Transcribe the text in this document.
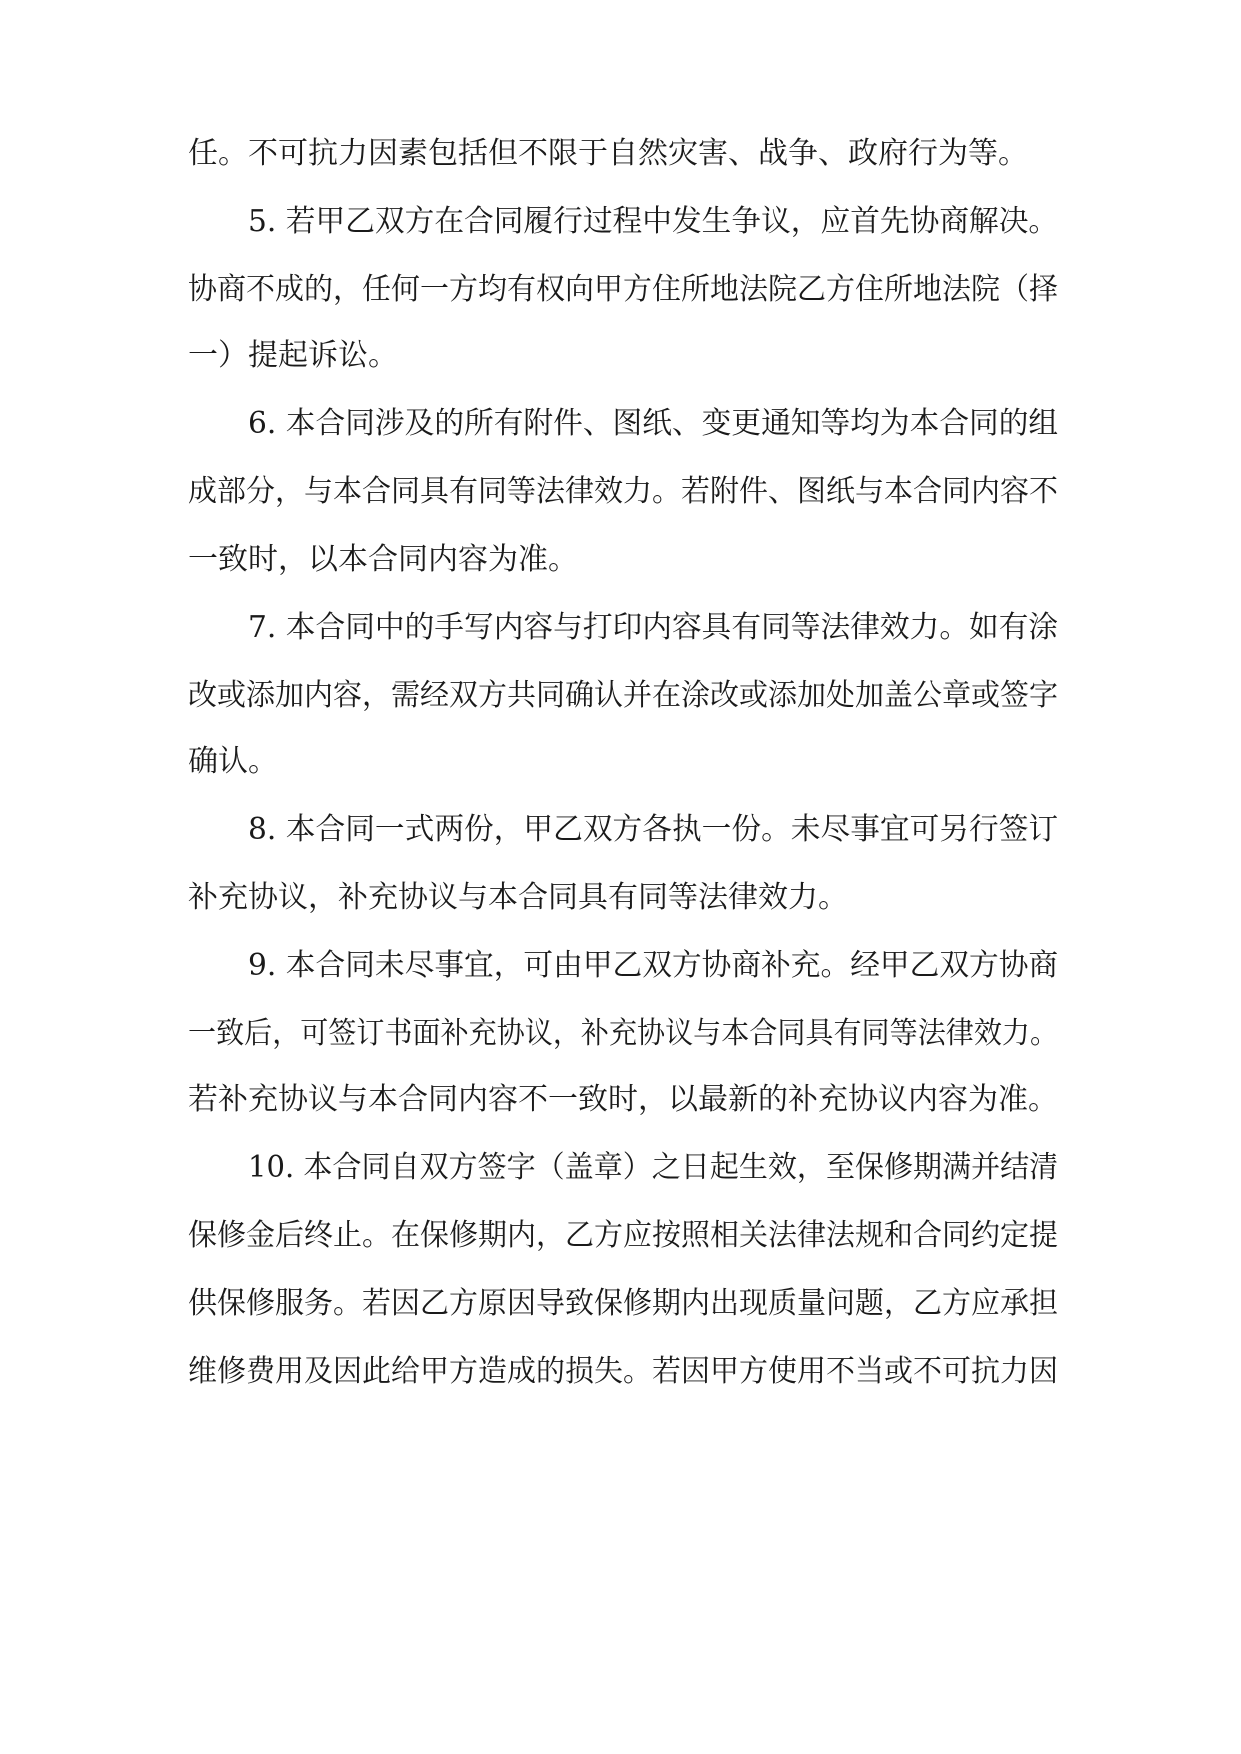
任。不可抗力因素包括但不限于自然灾害、战争、政府行为等。
5. 若甲乙双方在合同履行过程中发生争议，应首先协商解决。
协商不成的，任何一方均有权向甲方住所地法院乙方住所地法院（择
一）提起诉讼。
6. 本合同涉及的所有附件、图纸、变更通知等均为本合同的组
成部分，与本合同具有同等法律效力。若附件、图纸与本合同内容不
一致时，以本合同内容为准。
7. 本合同中的手写内容与打印内容具有同等法律效力。如有涂
改或添加内容，需经双方共同确认并在涂改或添加处加盖公章或签字
确认。
8. 本合同一式两份，甲乙双方各执一份。未尽事宜可另行签订
补充协议，补充协议与本合同具有同等法律效力。
9. 本合同未尽事宜，可由甲乙双方协商补充。经甲乙双方协商
一致后，可签订书面补充协议，补充协议与本合同具有同等法律效力。
若补充协议与本合同内容不一致时，以最新的补充协议内容为准。
10. 本合同自双方签字（盖章）之日起生效，至保修期满并结清
保修金后终止。在保修期内，乙方应按照相关法律法规和合同约定提
供保修服务。若因乙方原因导致保修期内出现质量问题，乙方应承担
维修费用及因此给甲方造成的损失。若因甲方使用不当或不可抗力因
